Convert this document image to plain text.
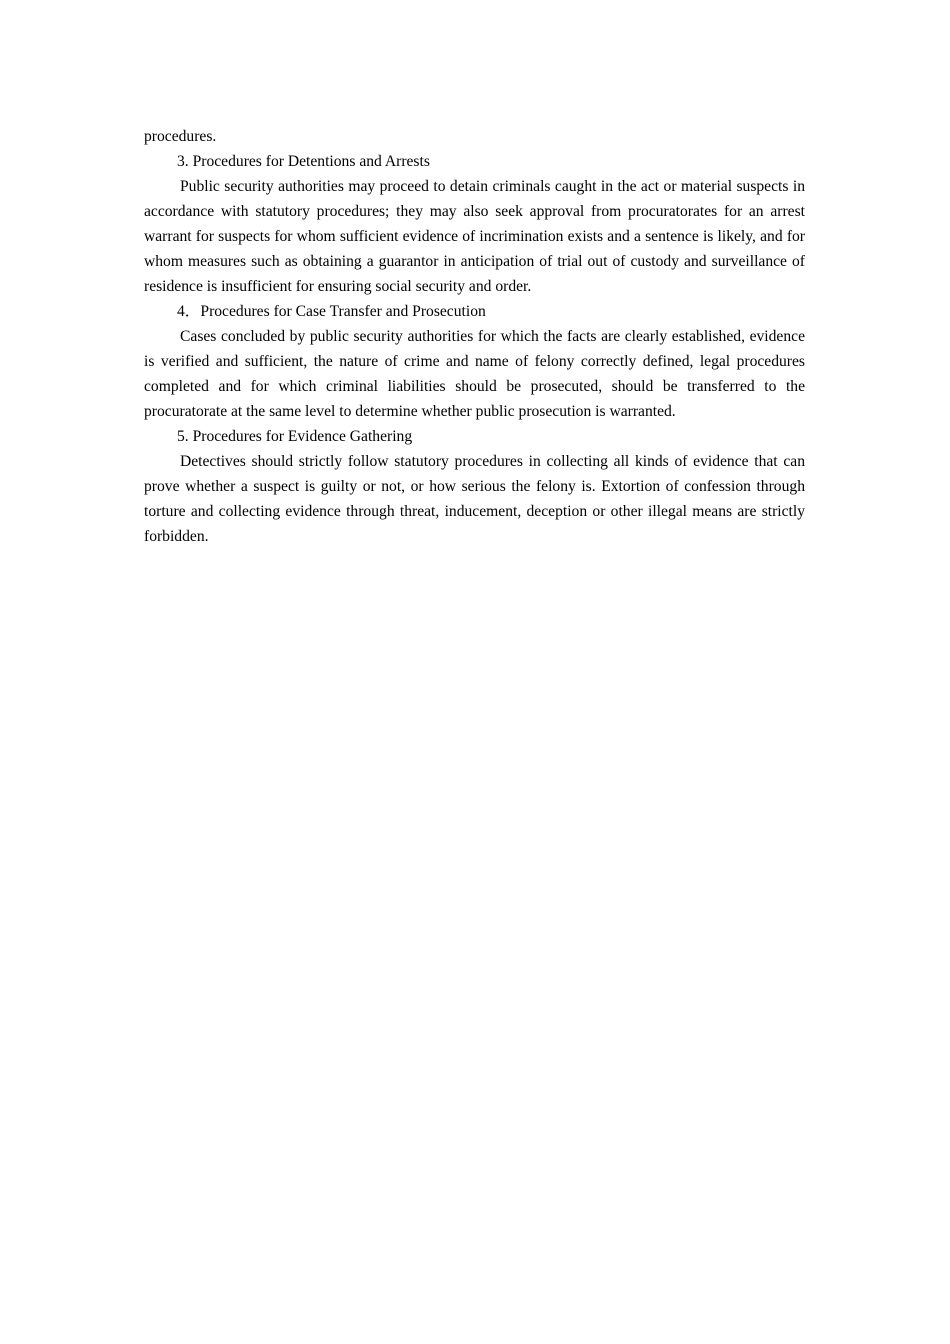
procedures.

3. Procedures for Detentions and Arrests

Public security authorities may proceed to detain criminals caught in the act or material suspects in accordance with statutory procedures; they may also seek approval from procuratorates for an arrest warrant for suspects for whom sufficient evidence of incrimination exists and a sentence is likely, and for whom measures such as obtaining a guarantor in anticipation of trial out of custody and surveillance of residence is insufficient for ensuring social security and order.

4．Procedures for Case Transfer and Prosecution

Cases concluded by public security authorities for which the facts are clearly established, evidence is verified and sufficient, the nature of crime and name of felony correctly defined, legal procedures completed and for which criminal liabilities should be prosecuted, should be transferred to the procuratorate at the same level to determine whether public prosecution is warranted.

5. Procedures for Evidence Gathering

Detectives should strictly follow statutory procedures in collecting all kinds of evidence that can prove whether a suspect is guilty or not, or how serious the felony is. Extortion of confession through torture and collecting evidence through threat, inducement, deception or other illegal means are strictly forbidden.
